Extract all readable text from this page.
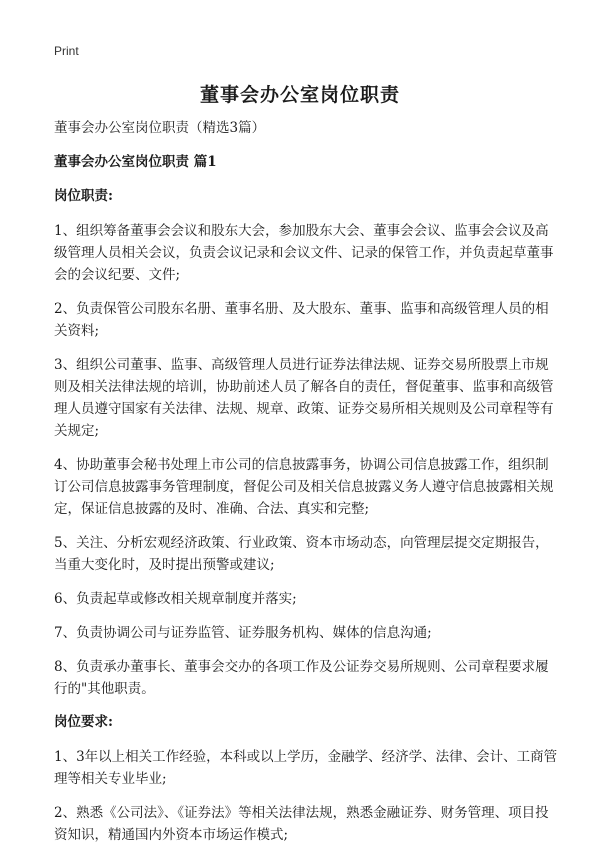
Print
董事会办公室岗位职责
董事会办公室岗位职责（精选3篇）
董事会办公室岗位职责 篇1
岗位职责:
1、组织筹备董事会会议和股东大会，参加股东大会、董事会会议、监事会会议及高级管理人员相关会议，负责会议记录和会议文件、记录的保管工作，并负责起草董事会的会议纪要、文件;
2、负责保管公司股东名册、董事名册、及大股东、董事、监事和高级管理人员的相关资料;
3、组织公司董事、监事、高级管理人员进行证券法律法规、证券交易所股票上市规则及相关法律法规的培训，协助前述人员了解各自的责任，督促董事、监事和高级管理人员遵守国家有关法律、法规、规章、政策、证券交易所相关规则及公司章程等有关规定;
4、协助董事会秘书处理上市公司的信息披露事务，协调公司信息披露工作，组织制订公司信息披露事务管理制度，督促公司及相关信息披露义务人遵守信息披露相关规定，保证信息披露的及时、准确、合法、真实和完整;
5、关注、分析宏观经济政策、行业政策、资本市场动态，向管理层提交定期报告，当重大变化时，及时提出预警或建议;
6、负责起草或修改相关规章制度并落实;
7、负责协调公司与证券监管、证券服务机构、媒体的信息沟通;
8、负责承办董事长、董事会交办的各项工作及公证券交易所规则、公司章程要求履行的"其他职责。
岗位要求:
1、3年以上相关工作经验，本科或以上学历，金融学、经济学、法律、会计、工商管理等相关专业毕业;
2、熟悉《公司法》、《证券法》等相关法律法规，熟悉金融证券、财务管理、项目投资知识，精通国内外资本市场运作模式;
